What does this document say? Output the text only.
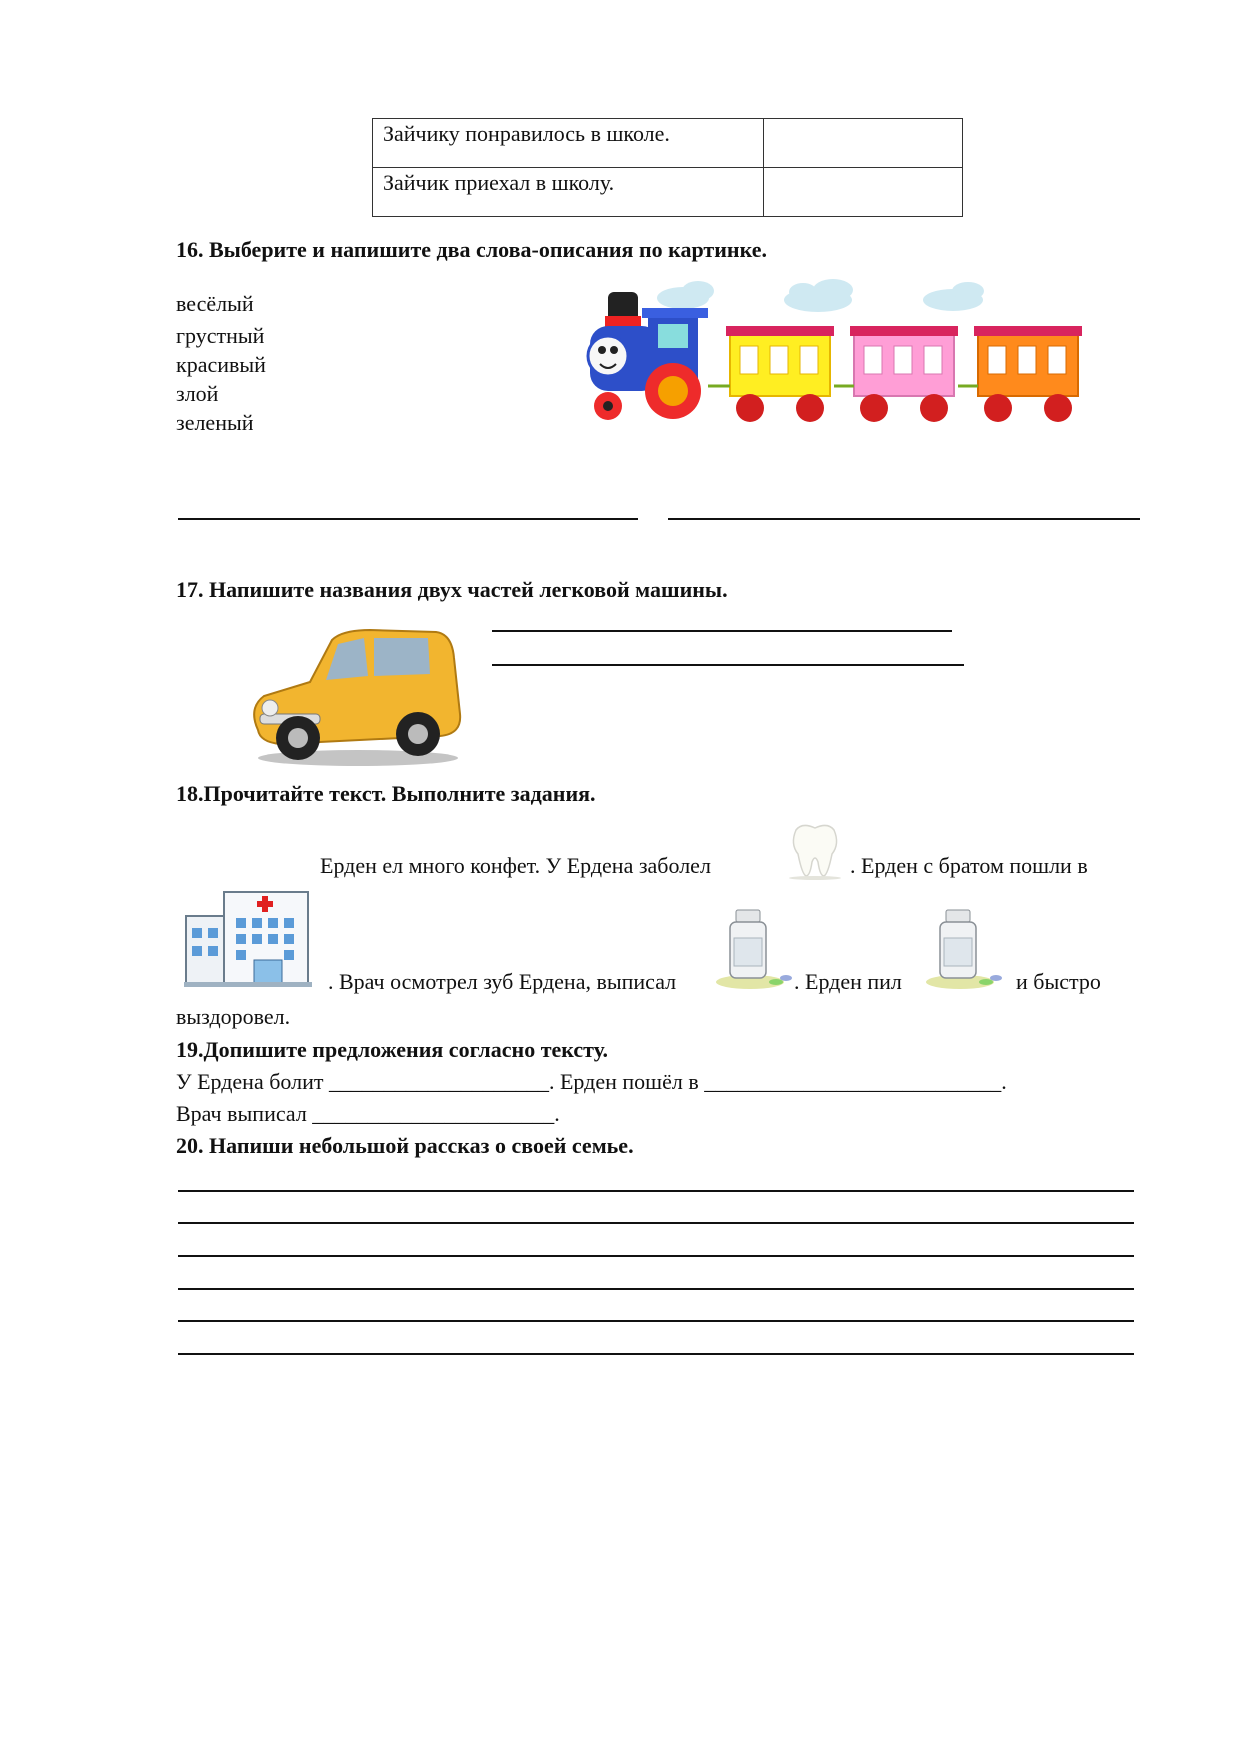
Зайчику понравилось в школе.	
Зайчик приехал в школу.	
16. Выберите и напишите два слова-описания по картинке.
весёлый
грустный
красивый
злой
зеленый
17. Напишите названия двух частей легковой машины.
18.Прочитайте текст. Выполните задания.
Ерден ел много конфет. У Ердена заболел	. Ерден с братом пошли в
. Врач осмотрел зуб Ердена, выписал	. Ерден пил	и быстро
выздоровел.
19.Допишите предложения согласно тексту.
У Ердена болит ____________________. Ерден пошёл в ___________________________.
Врач выписал ______________________.
20. Напиши небольшой рассказ о своей семье.
